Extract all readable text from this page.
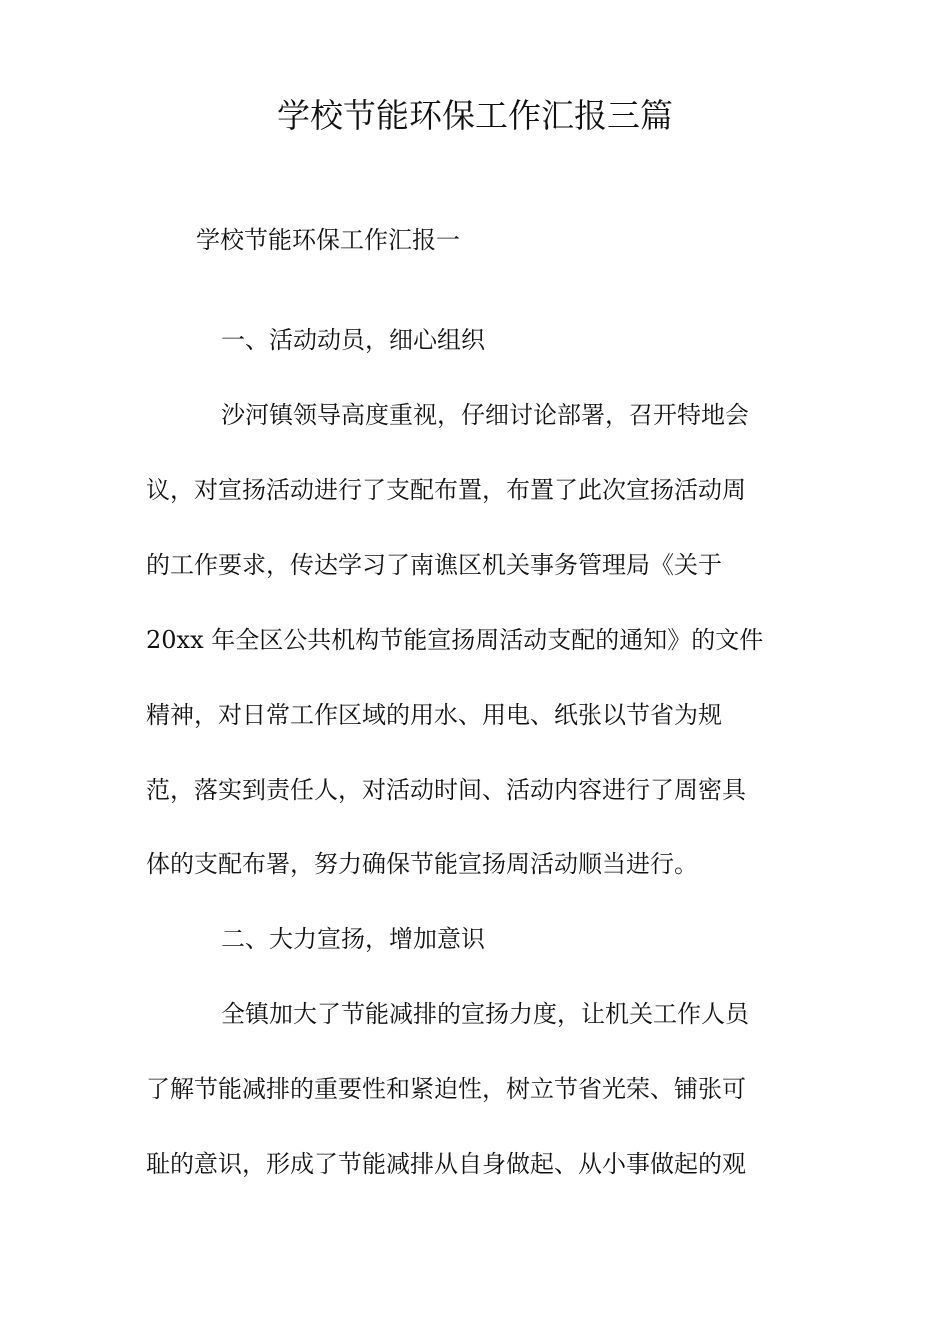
学校节能环保工作汇报三篇
学校节能环保工作汇报一
一、活动动员，细心组织
沙河镇领导高度重视，仔细讨论部署，召开特地会
议，对宣扬活动进行了支配布置，布置了此次宣扬活动周
的工作要求，传达学习了南谯区机关事务管理局《关于
20xx 年全区公共机构节能宣扬周活动支配的通知》的文件
精神，对日常工作区域的用水、用电、纸张以节省为规
范，落实到责任人，对活动时间、活动内容进行了周密具
体的支配布署，努力确保节能宣扬周活动顺当进行。
二、大力宣扬，增加意识
全镇加大了节能减排的宣扬力度，让机关工作人员
了解节能减排的重要性和紧迫性，树立节省光荣、铺张可
耻的意识，形成了节能减排从自身做起、从小事做起的观
